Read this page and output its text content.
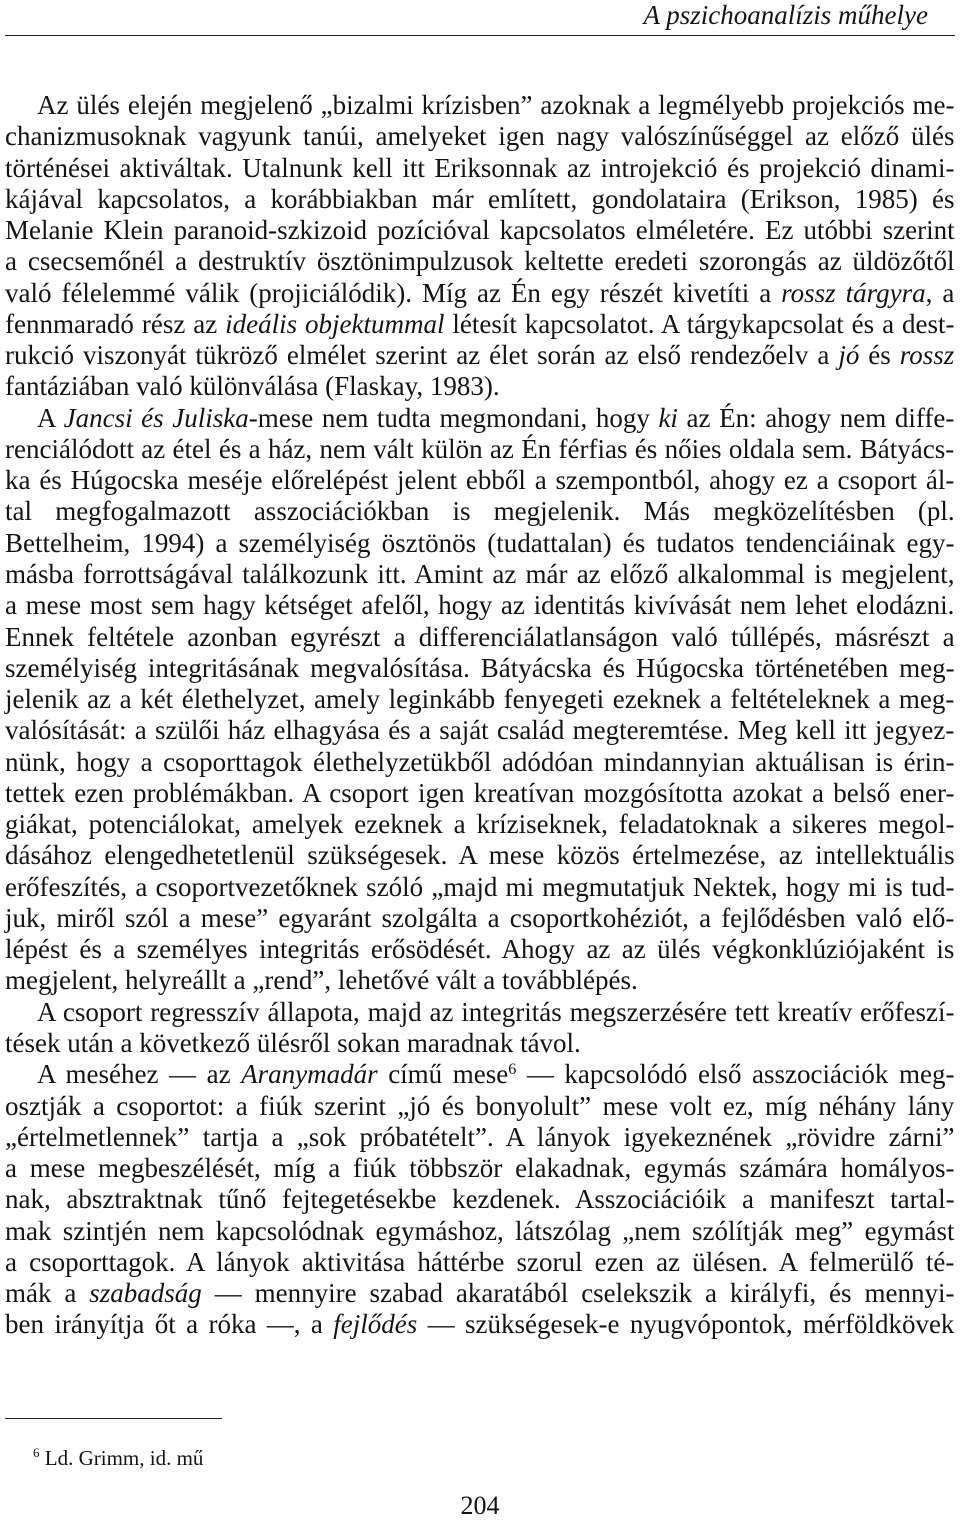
A pszichoanalízis műhelye
Az ülés elején megjelenő „bizalmi krízisben” azoknak a legmélyebb projekciós me-
chanizmusoknak vagyunk tanúi, amelyeket igen nagy valószínűséggel az előző ülés
történései aktiváltak. Utalnunk kell itt Eriksonnak az introjekció és projekció dinami-
kájával kapcsolatos, a korábbiakban már említett, gondolataira (Erikson, 1985) és
Melanie Klein paranoid-szkizoid pozícióval kapcsolatos elméletére. Ez utóbbi szerint
a csecsemőnél a destruktív ösztönimpulzusok keltette eredeti szorongás az üldözőtől
való félelemmé válik (projiciálódik). Míg az Én egy részét kivetíti a rossz tárgyra, a
fennmaradó rész az ideális objektummal létesít kapcsolatot. A tárgykapcsolat és a dest-
rukció viszonyát tükröző elmélet szerint az élet során az első rendezőelv a jó és rossz
fantáziában való különválása (Flaskay, 1983).
A Jancsi és Juliska-mese nem tudta megmondani, hogy ki az Én: ahogy nem diffe-
renciálódott az étel és a ház, nem vált külön az Én férfias és nőies oldala sem. Bátyács-
ka és Húgocska meséje előrelépést jelent ebből a szempontból, ahogy ez a csoport ál-
tal megfogalmazott asszociációkban is megjelenik. Más megközelítésben (pl.
Bettelheim, 1994) a személyiség ösztönös (tudattalan) és tudatos tendenciáinak egy-
másba forrottságával találkozunk itt. Amint az már az előző alkalommal is megjelent,
a mese most sem hagy kétséget afelől, hogy az identitás kivívását nem lehet elodázni.
Ennek feltétele azonban egyrészt a differenciálatlanságon való túllépés, másrészt a
személyiség integritásának megvalósítása. Bátyácska és Húgocska történetében meg-
jelenik az a két élethelyzet, amely leginkább fenyegeti ezeknek a feltételeknek a meg-
valósítását: a szülői ház elhagyása és a saját család megteremtése. Meg kell itt jegyez-
nünk, hogy a csoporttagok élethelyzetükből adódóan mindannyian aktuálisan is érin-
tettek ezen problémákban. A csoport igen kreatívan mozgósította azokat a belső ener-
giákat, potenciálokat, amelyek ezeknek a kríziseknek, feladatoknak a sikeres megol-
dásához elengedhetetlenül szükségesek. A mese közös értelmezése, az intellektuális
erőfeszítés, a csoportvezetőknek szóló „majd mi megmutatjuk Nektek, hogy mi is tud-
juk, miről szól a mese” egyaránt szolgálta a csoportkohéziót, a fejlődésben való elő-
lépést és a személyes integritás erősödését. Ahogy az az ülés végkonklúziójaként is
megjelent, helyreállt a „rend”, lehetővé vált a továbblépés.
A csoport regresszív állapota, majd az integritás megszerzésére tett kreatív erőfeszí-
tések után a következő ülésről sokan maradnak távol.
A meséhez — az Aranymadár című mese$^6$ — kapcsolódó első asszociációk meg-
osztják a csoportot: a fiúk szerint „jó és bonyolult” mese volt ez, míg néhány lány
„értelmetlennek” tartja a „sok próbatételt”. A lányok igyekeznének „rövidre zárni”
a mese megbeszélését, míg a fiúk többször elakadnak, egymás számára homályos-
nak, absztraktnak tűnő fejtegetésekbe kezdenek. Asszociációik a manifeszt tartal-
mak szintjén nem kapcsolódnak egymáshoz, látszólag „nem szólítják meg” egymást
a csoporttagok. A lányok aktivitása háttérbe szorul ezen az ülésen. A felmerülő té-
mák a szabadság — mennyire szabad akaratából cselekszik a királyfi, és mennyi-
ben irányítja őt a róka —, a fejlődés — szükségesek-e nyugvópontok, mérföldkövek
$^6$ Ld. Grimm, id. mű
204
